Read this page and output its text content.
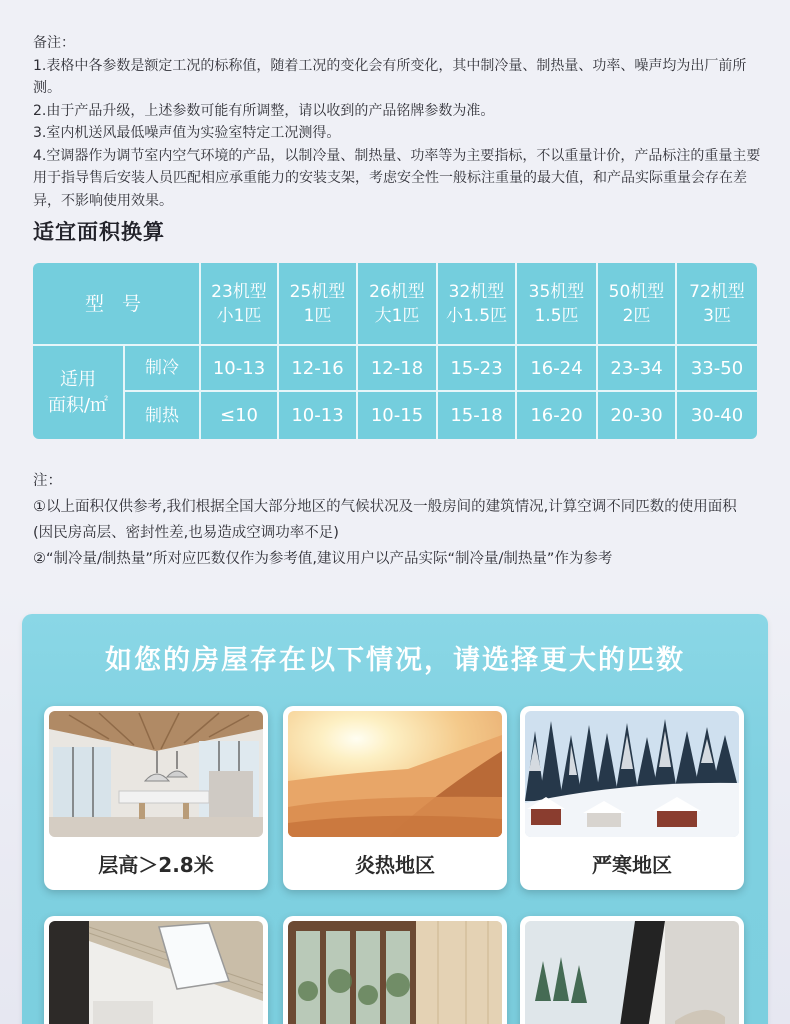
备注：

1.表格中各参数是额定工况的标称值，随着工况的变化会有所变化，其中制冷量、制热量、功率、噪声均为出厂前所测。

2.由于产品升级，上述参数可能有所调整，请以收到的产品铭牌参数为准。

3.室内机送风最低噪声值为实验室特定工况测得。

4.空调器作为调节室内空气环境的产品，以制冷量、制热量、功率等为主要指标，不以重量计价，产品标注的重量主要用于指导售后安装人员匹配相应承重能力的安装支架，考虑安全性一般标注重量的最大值，和产品实际重量会存在差异，不影响使用效果。

适宜面积换算
型 号
适用
面积/㎡
制冷
制热
23机型
小1匹
10-13
≤10
25机型
1匹
12-16
10-13
26机型
大1匹
12-18
10-15
32机型
小1.5匹
15-23
15-18
35机型
1.5匹
16-24
16-20
50机型
2匹
23-34
20-30
72机型
3匹
33-50
30-40

注：

①以上面积仅供参考,我们根据全国大部分地区的气候状况及一般房间的建筑情况,计算空调不同匹数的使用面积(因民房高层、密封性差,也易造成空调功率不足)

②“制冷量/制热量”所对应匹数仅作为参考值,建议用户以产品实际“制冷量/制热量”作为参考

如您的房屋存在以下情况，请选择更大的匹数
层高＞2.8米	炎热地区	严寒地区
